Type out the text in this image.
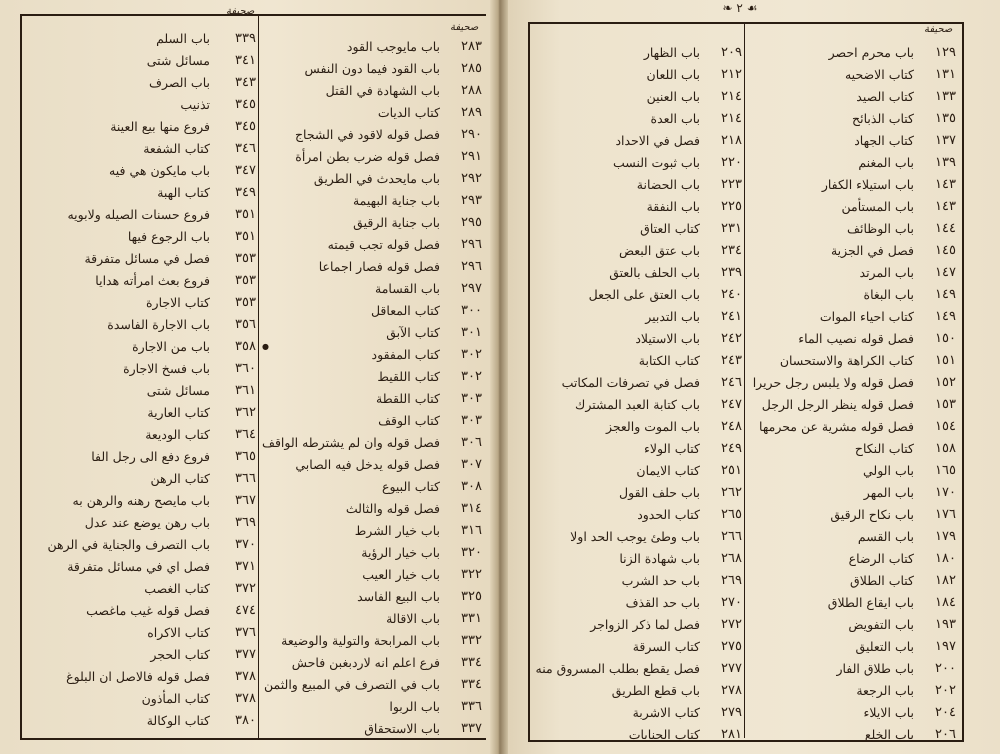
❧ ٢ ☙
صحيفة
صحيفة
صحيفة
●
١٢٩
باب محرم احصر
١٣١
كتاب الاضحيه
١٣٣
كتاب الصيد
١٣٥
كتاب الذبائح
١٣٧
كتاب الجهاد
١٣٩
باب المغنم
١٤٣
باب استيلاء الكفار
١٤٣
باب المستأمن
١٤٤
باب الوظائف
١٤٥
فصل في الجزية
١٤٧
باب المرتد
١٤٩
باب البغاة
١٤٩
كتاب احياء الموات
١٥٠
فصل قوله نصيب الماء
١٥١
كتاب الكراهة والاستحسان
١٥٢
فصل قوله ولا يلبس رجل حريرا
١٥٣
فصل قوله ينظر الرجل الرجل
١٥٤
فصل قوله مشرية عن محرمها
١٥٨
كتاب النكاح
١٦٥
باب الولي
١٧٠
باب المهر
١٧٦
باب نكاح الرقيق
١٧٩
باب القسم
١٨٠
كتاب الرضاع
١٨٢
كتاب الطلاق
١٨٤
باب ايقاع الطلاق
١٩٣
باب التفويض
١٩٧
باب التعليق
٢٠٠
باب طلاق الفار
٢٠٢
باب الرجعة
٢٠٤
باب الايلاء
٢٠٦
باب الخلع
٢٠٩
باب الظهار
٢١٢
باب اللعان
٢١٤
باب العنين
٢١٤
باب العدة
٢١٨
فصل في الاحداد
٢٢٠
باب ثبوت النسب
٢٢٣
باب الحضانة
٢٢٥
باب النفقة
٢٣١
كتاب العتاق
٢٣٤
باب عتق البعض
٢٣٩
باب الحلف بالعتق
٢٤٠
باب العتق على الجعل
٢٤١
باب التدبير
٢٤٢
باب الاستيلاد
٢٤٣
كتاب الكتابة
٢٤٦
فصل في تصرفات المكاتب
٢٤٧
باب كتابة العبد المشترك
٢٤٨
باب الموت والعجز
٢٤٩
كتاب الولاء
٢٥١
كتاب الايمان
٢٦٢
باب حلف القول
٢٦٥
كتاب الحدود
٢٦٦
باب وطئ يوجب الحد اولا
٢٦٨
باب شهادة الزنا
٢٦٩
باب حد الشرب
٢٧٠
باب حد القذف
٢٧٢
فصل لما ذكر الزواجر
٢٧٥
كتاب السرقة
٢٧٧
فصل يقطع بطلب المسروق منه
٢٧٨
باب قطع الطريق
٢٧٩
كتاب الاشربة
٢٨١
كتاب الجنايات
٢٨٣
باب مايوجب القود
٢٨٥
باب القود فيما دون النفس
٢٨٨
باب الشهادة في القتل
٢٨٩
كتاب الديات
٢٩٠
فصل قوله لاقود في الشجاج
٢٩١
فصل قوله ضرب بطن امرأة
٢٩٢
باب مايحدث في الطريق
٢٩٣
باب جناية البهيمة
٢٩٥
باب جناية الرقيق
٢٩٦
فصل قوله تجب قيمته
٢٩٦
فصل قوله فصار اجماعا
٢٩٧
باب القسامة
٣٠٠
كتاب المعاقل
٣٠١
كتاب الآبق
٣٠٢
كتاب المفقود
٣٠٢
كتاب اللقيط
٣٠٣
كتاب اللقطة
٣٠٣
كتاب الوقف
٣٠٦
فصل قوله وان لم يشترطه الواقف
٣٠٧
فصل قوله يدخل فيه الصابي
٣٠٨
كتاب البيوع
٣١٤
فصل قوله والثالث
٣١٦
باب خيار الشرط
٣٢٠
باب خيار الرؤية
٣٢٢
باب خيار العيب
٣٢٥
باب البيع الفاسد
٣٣١
باب الاقالة
٣٣٢
باب المرابحة والتولية والوضيعة
٣٣٤
فرع اعلم انه لاردبغبن فاحش
٣٣٤
باب في التصرف في المبيع والثمن
٣٣٦
باب الربوا
٣٣٧
باب الاستحقاق
٣٣٩
باب السلم
٣٤١
مسائل شتى
٣٤٣
باب الصرف
٣٤٥
تذنيب
٣٤٥
فروع منها بيع العينة
٣٤٦
كتاب الشفعة
٣٤٧
باب مايكون هي فيه
٣٤٩
كتاب الهبة
٣٥١
فروع حسنات الصيله ولابويه
٣٥١
باب الرجوع فيها
٣٥٣
فصل في مسائل متفرقة
٣٥٣
فروع بعث امرأته هدايا
٣٥٣
كتاب الاجارة
٣٥٦
باب الاجارة الفاسدة
٣٥٨
باب من الاجارة
٣٦٠
باب فسخ الاجارة
٣٦١
مسائل شتى
٣٦٢
كتاب العارية
٣٦٤
كتاب الوديعة
٣٦٥
فروع دفع الى رجل الفا
٣٦٦
كتاب الرهن
٣٦٧
باب مايصح رهنه والرهن به
٣٦٩
باب رهن يوضع عند عدل
٣٧٠
باب التصرف والجناية في الرهن
٣٧١
فصل اي في مسائل متفرقة
٣٧٢
كتاب الغصب
٤٧٤
فصل قوله غيب ماغصب
٣٧٦
كتاب الاكراه
٣٧٧
كتاب الحجر
٣٧٨
فصل قوله فالاصل ان البلوغ
٣٧٨
كتاب المأذون
٣٨٠
كتاب الوكالة
